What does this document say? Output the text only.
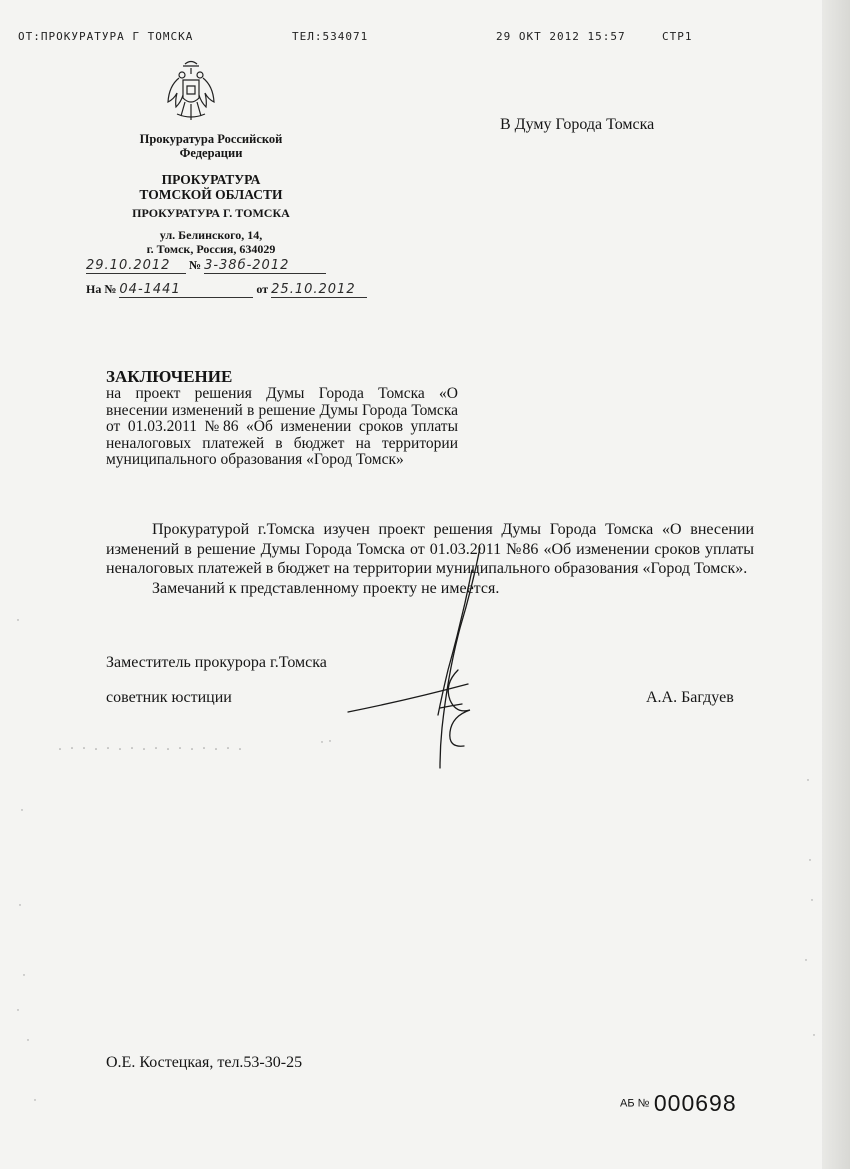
ОТ:ПРОКУРАТУРА Г ТОМСКА	ТЕЛ:534071	29 ОКТ 2012 15:57	СТР1
Прокуратура Российской
Федерации
ПРОКУРАТУРА
ТОМСКОЙ ОБЛАСТИ
ПРОКУРАТУРА Г. ТОМСКА
ул. Белинского, 14,
г. Томск, Россия, 634029
29.10.2012 № 3-38б-2012
На № 04-1441	от 25.10.2012
В Думу Города Томска
ЗАКЛЮЧЕНИЕ
на проект решения Думы Города Томска «О внесении изменений в решение Думы Города Томска от 01.03.2011 №86 «Об изменении сроков уплаты неналоговых платежей в бюджет на территории муниципального образования «Город Томск»

Прокуратурой г.Томска изучен проект решения Думы Города Томска «О внесении изменений в решение Думы Города Томска от 01.03.2011 №86 «Об изменении сроков уплаты неналоговых платежей в бюджет на территории муниципального образования «Город Томск».

Замечаний к представленному проекту не имеется.

Заместитель прокурора г.Томска
советник юстиции	А.А. Багдуев
О.Е. Костецкая, тел.53-30-25
АБ № 000698
